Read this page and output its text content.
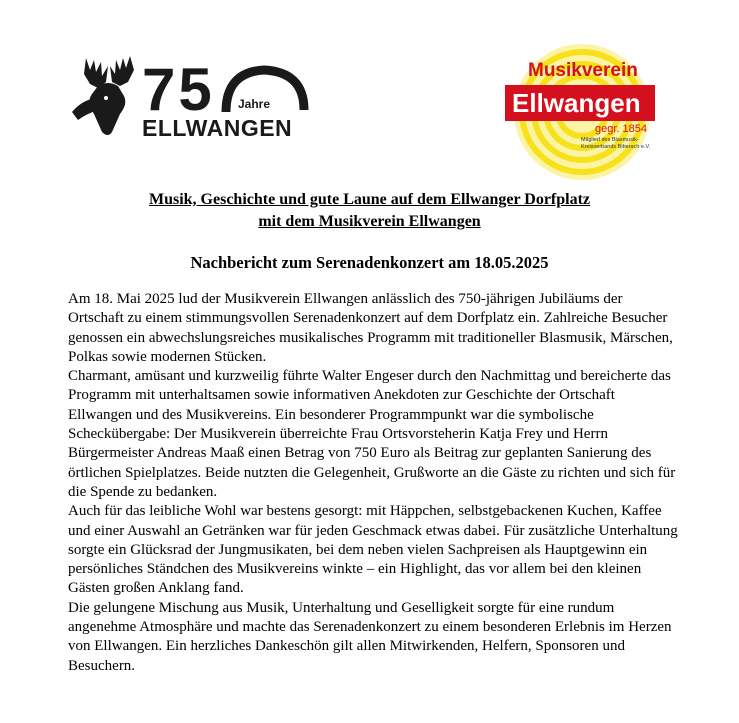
75 Jahre
ELLWANGEN
Musikverein
Ellwangen
gegr. 1854
Mitglied des Blasmusik-Kreisverbands Biberach e.V.
Musik, Geschichte und gute Laune auf dem Ellwanger Dorfplatz
mit dem Musikverein Ellwangen
Nachbericht zum Serenadenkonzert am 18.05.2025

Am 18. Mai 2025 lud der Musikverein Ellwangen anlässlich des 750-jährigen Jubiläums der Ortschaft zu einem stimmungsvollen Serenadenkonzert auf dem Dorfplatz ein. Zahlreiche Besucher genossen ein abwechslungsreiches musikalisches Programm mit traditioneller Blasmusik, Märschen, Polkas sowie modernen Stücken.

Charmant, amüsant und kurzweilig führte Walter Engeser durch den Nachmittag und bereicherte das Programm mit unterhaltsamen sowie informativen Anekdoten zur Geschichte der Ortschaft Ellwangen und des Musikvereins. Ein besonderer Programmpunkt war die symbolische Scheckübergabe: Der Musikverein überreichte Frau Ortsvorsteherin Katja Frey und Herrn Bürgermeister Andreas Maaß einen Betrag von 750 Euro als Beitrag zur geplanten Sanierung des örtlichen Spielplatzes. Beide nutzten die Gelegenheit, Grußworte an die Gäste zu richten und sich für die Spende zu bedanken.

Auch für das leibliche Wohl war bestens gesorgt: mit Häppchen, selbstgebackenen Kuchen, Kaffee und einer Auswahl an Getränken war für jeden Geschmack etwas dabei. Für zusätzliche Unterhaltung sorgte ein Glücksrad der Jungmusikaten, bei dem neben vielen Sachpreisen als Hauptgewinn ein persönliches Ständchen des Musikvereins winkte – ein Highlight, das vor allem bei den kleinen Gästen großen Anklang fand.

Die gelungene Mischung aus Musik, Unterhaltung und Geselligkeit sorgte für eine rundum angenehme Atmosphäre und machte das Serenadenkonzert zu einem besonderen Erlebnis im Herzen von Ellwangen. Ein herzliches Dankeschön gilt allen Mitwirkenden, Helfern, Sponsoren und Besuchern.
